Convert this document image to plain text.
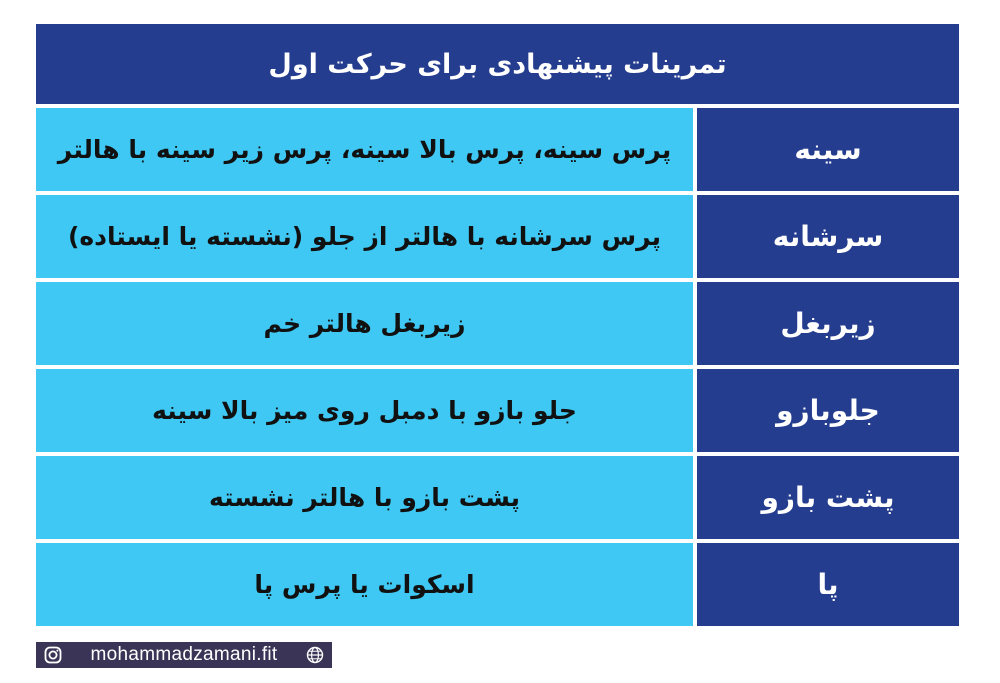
تمرینات پیشنهادی برای حرکت اول
پرس سینه، پرس بالا سینه، پرس زیر سینه با هالتر	سینه
پرس سرشانه با هالتر از جلو (نشسته یا ایستاده)	سرشانه
زیربغل هالتر خم	زیربغل
جلو بازو با دمبل روی میز بالا سینه	جلوبازو
پشت بازو با هالتر نشسته	پشت بازو
اسکوات یا پرس پا	پا
mohammadzamani.fit
